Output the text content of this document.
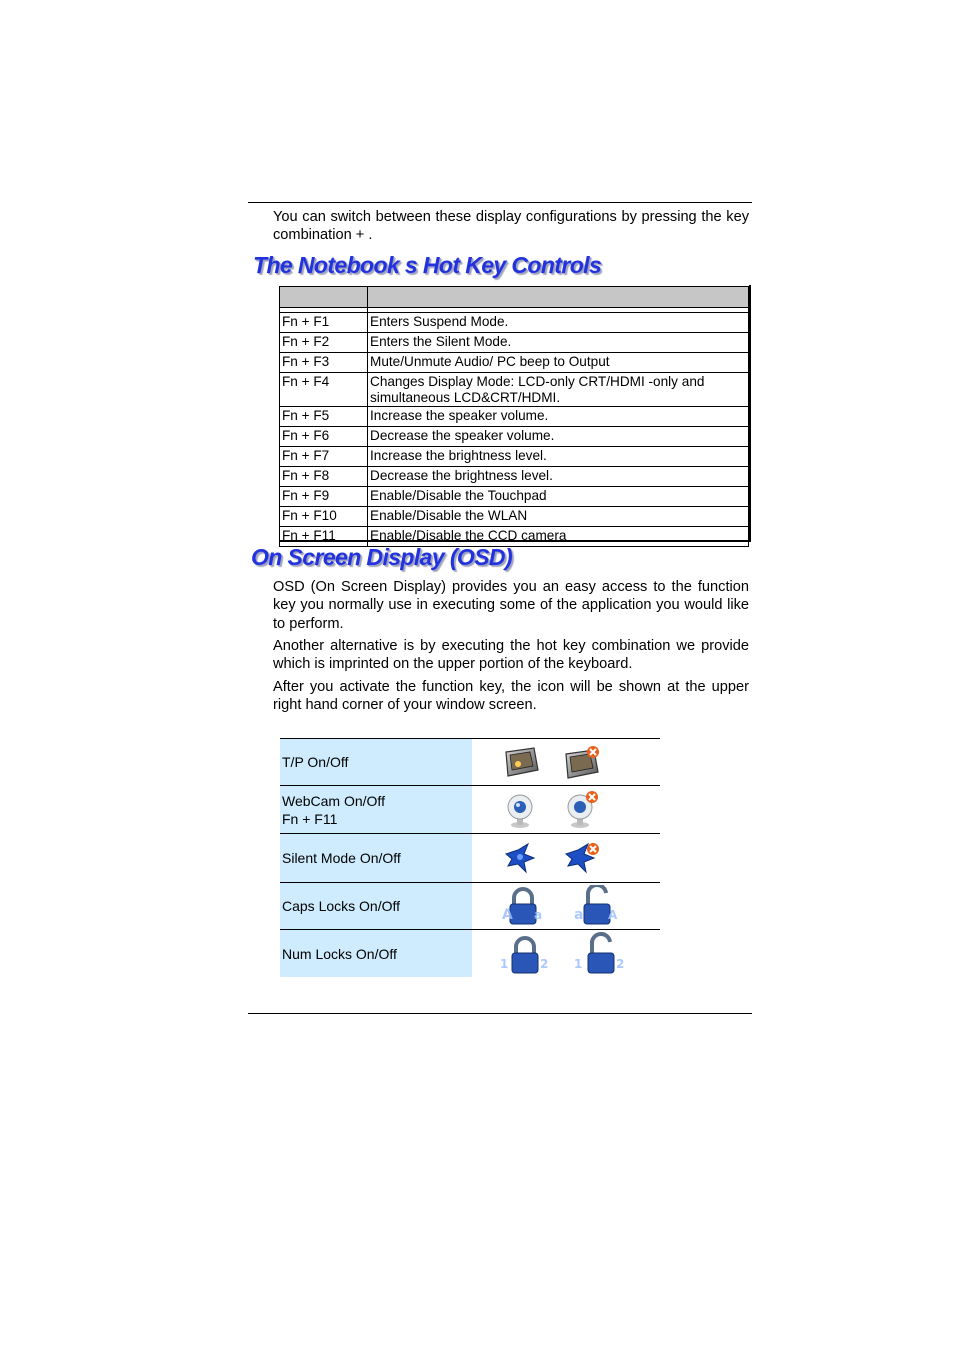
You can switch between these display configurations by pressing the key combination + .

The Notebook s Hot Key Controls

Fn + F1	Enters Suspend Mode.
Fn + F2	Enters the Silent Mode.
Fn + F3	Mute/Unmute Audio/ PC beep to Output
Fn + F4	Changes Display Mode: LCD-only CRT/HDMI -only and simultaneous LCD&CRT/HDMI.
Fn + F5	Increase the speaker volume.
Fn + F6	Decrease the speaker volume.
Fn + F7	Increase the brightness level.
Fn + F8	Decrease the brightness level.
Fn + F9	Enable/Disable the Touchpad
Fn + F10	Enable/Disable the WLAN
Fn + F11	Enable/Disable the CCD camera
On Screen Display (OSD)

OSD (On Screen Display) provides you an easy access to the function key you normally use in executing some of the application you would like to perform.

Another alternative is by executing the hot key combination we provide which is imprinted on the upper portion of the keyboard.

After you activate the function key, the icon will be shown at the upper right hand corner of your window screen.

T/P On/Off	

WebCam On/Off
Fn + F11	

Silent Mode On/Off	

Caps Locks On/Off	A a a A

Num Locks On/Off	1 2 1 2
